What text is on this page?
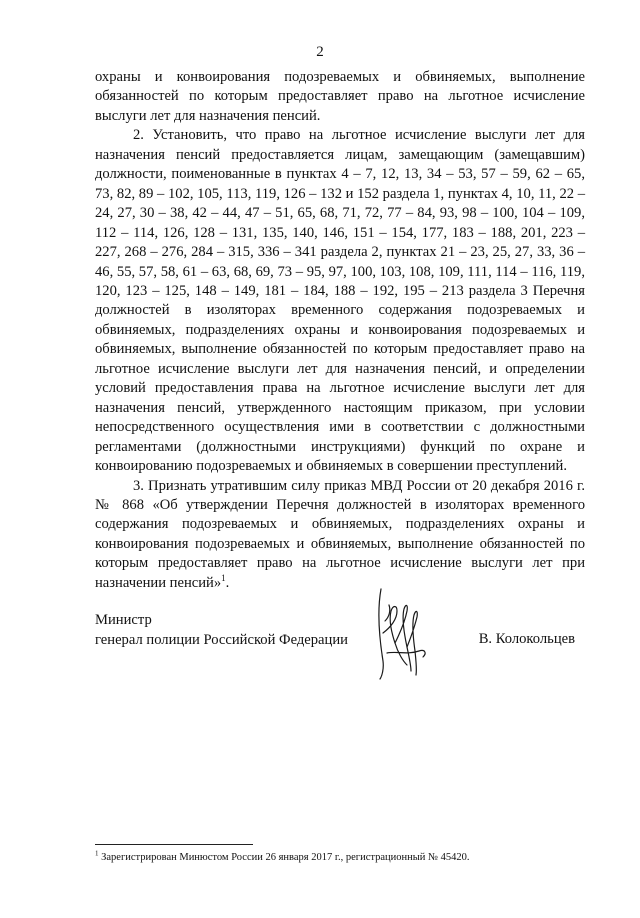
2

охраны и конвоирования подозреваемых и обвиняемых, выполнение обязанностей по которым предоставляет право на льготное исчисление выслуги лет для назначения пенсий.

2. Установить, что право на льготное исчисление выслуги лет для назначения пенсий предоставляется лицам, замещающим (замещавшим) должности, поименованные в пунктах 4 – 7, 12, 13, 34 – 53, 57 – 59, 62 – 65, 73, 82, 89 – 102, 105, 113, 119, 126 – 132 и 152 раздела 1, пунктах 4, 10, 11, 22 – 24, 27, 30 – 38, 42 – 44, 47 – 51, 65, 68, 71, 72, 77 – 84, 93, 98 – 100, 104 – 109, 112 – 114, 126, 128 – 131, 135, 140, 146, 151 – 154, 177, 183 – 188, 201, 223 – 227, 268 – 276, 284 – 315, 336 – 341 раздела 2, пунктах 21 – 23, 25, 27, 33, 36 – 46, 55, 57, 58, 61 – 63, 68, 69, 73 – 95, 97, 100, 103, 108, 109, 111, 114 – 116, 119, 120, 123 – 125, 148 – 149, 181 – 184, 188 – 192, 195 – 213 раздела 3 Перечня должностей в изоляторах временного содержания подозреваемых и обвиняемых, подразделениях охраны и конвоирования подозреваемых и обвиняемых, выполнение обязанностей по которым предоставляет право на льготное исчисление выслуги лет для назначения пенсий, и определении условий предоставления права на льготное исчисление выслуги лет для назначения пенсий, утвержденного настоящим приказом, при условии непосредственного осуществления ими в соответствии с должностными регламентами (должностными инструкциями) функций по охране и конвоированию подозреваемых и обвиняемых в совершении преступлений.

3. Признать утратившим силу приказ МВД России от 20 декабря 2016 г. № 868 «Об утверждении Перечня должностей в изоляторах временного содержания подозреваемых и обвиняемых, подразделениях охраны и конвоирования подозреваемых и обвиняемых, выполнение обязанностей по которым предоставляет право на льготное исчисление выслуги лет при назначении пенсий»$^1$.

Министр
генерал полиции Российской Федерации	В. Колокольцев
$^1$ Зарегистрирован Минюстом России 26 января 2017 г., регистрационный № 45420.
